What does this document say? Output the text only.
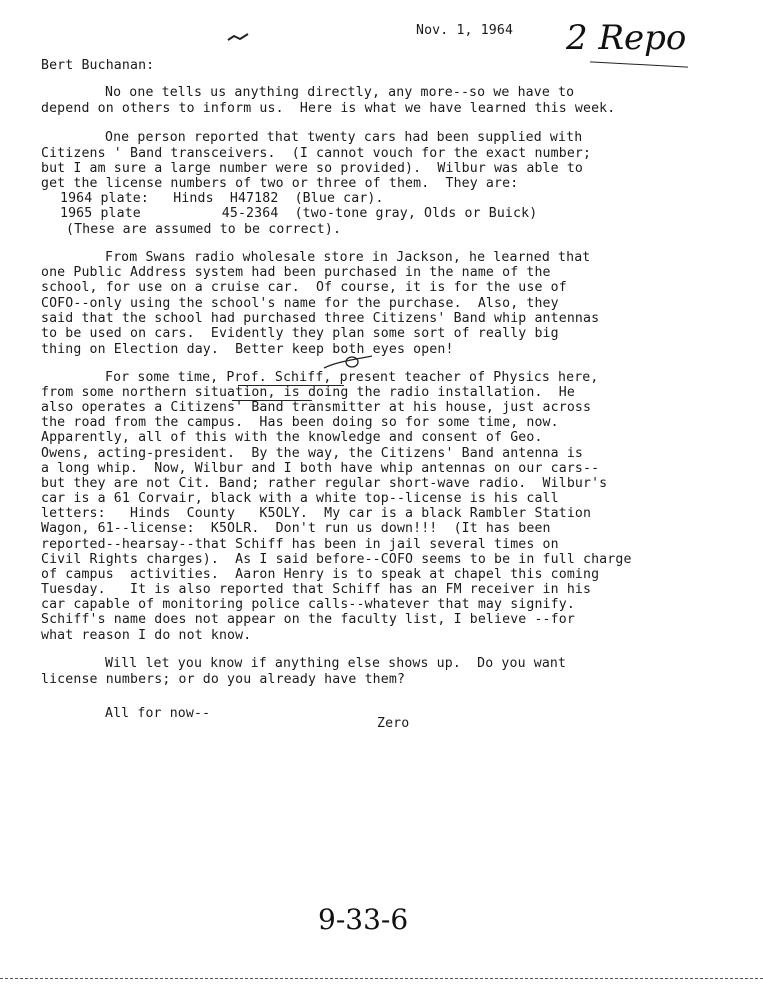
2 Repo
Nov. 1, 1964
Bert Buchanan:
No one tells us anything directly, any more--so we have to
depend on others to inform us.  Here is what we have learned this week.
One person reported that twenty cars had been supplied with
Citizens ' Band transceivers.  (I cannot vouch for the exact number;
but I am sure a large number were so provided).  Wilbur was able to
get the license numbers of two or three of them.  They are:
1964 plate:   Hinds  H47182  (Blue car).
1965 plate          45-2364  (two-tone gray, Olds or Buick)
(These are assumed to be correct).
From Swans radio wholesale store in Jackson, he learned that
one Public Address system had been purchased in the name of the
school, for use on a cruise car.  Of course, it is for the use of
COFO--only using the school's name for the purchase.  Also, they
said that the school had purchased three Citizens' Band whip antennas
to be used on cars.  Evidently they plan some sort of really big
thing on Election day.  Better keep both eyes open!
For some time, Prof. Schiff, present teacher of Physics here,
from some northern situation, is doing the radio installation.  He
also operates a Citizens' Band transmitter at his house, just across
the road from the campus.  Has been doing so for some time, now.
Apparently, all of this with the knowledge and consent of Geo.
Owens, acting-president.  By the way, the Citizens' Band antenna is
a long whip.  Now, Wilbur and I both have whip antennas on our cars--
but they are not Cit. Band; rather regular short-wave radio.  Wilbur's
car is a 61 Corvair, black with a white top--license is his call
letters:   Hinds  County   K5OLY.  My car is a black Rambler Station
Wagon, 61--license:  K5OLR.  Don't run us down!!!  (It has been
reported--hearsay--that Schiff has been in jail several times on
Civil Rights charges).  As I said before--COFO seems to be in full charge
of campus  activities.  Aaron Henry is to speak at chapel this coming
Tuesday.   It is also reported that Schiff has an FM receiver in his
car capable of monitoring police calls--whatever that may signify.
Schiff's name does not appear on the faculty list, I believe --for
what reason I do not know.
Will let you know if anything else shows up.  Do you want
license numbers; or do you already have them?
All for now--
Zero
9-33-6
